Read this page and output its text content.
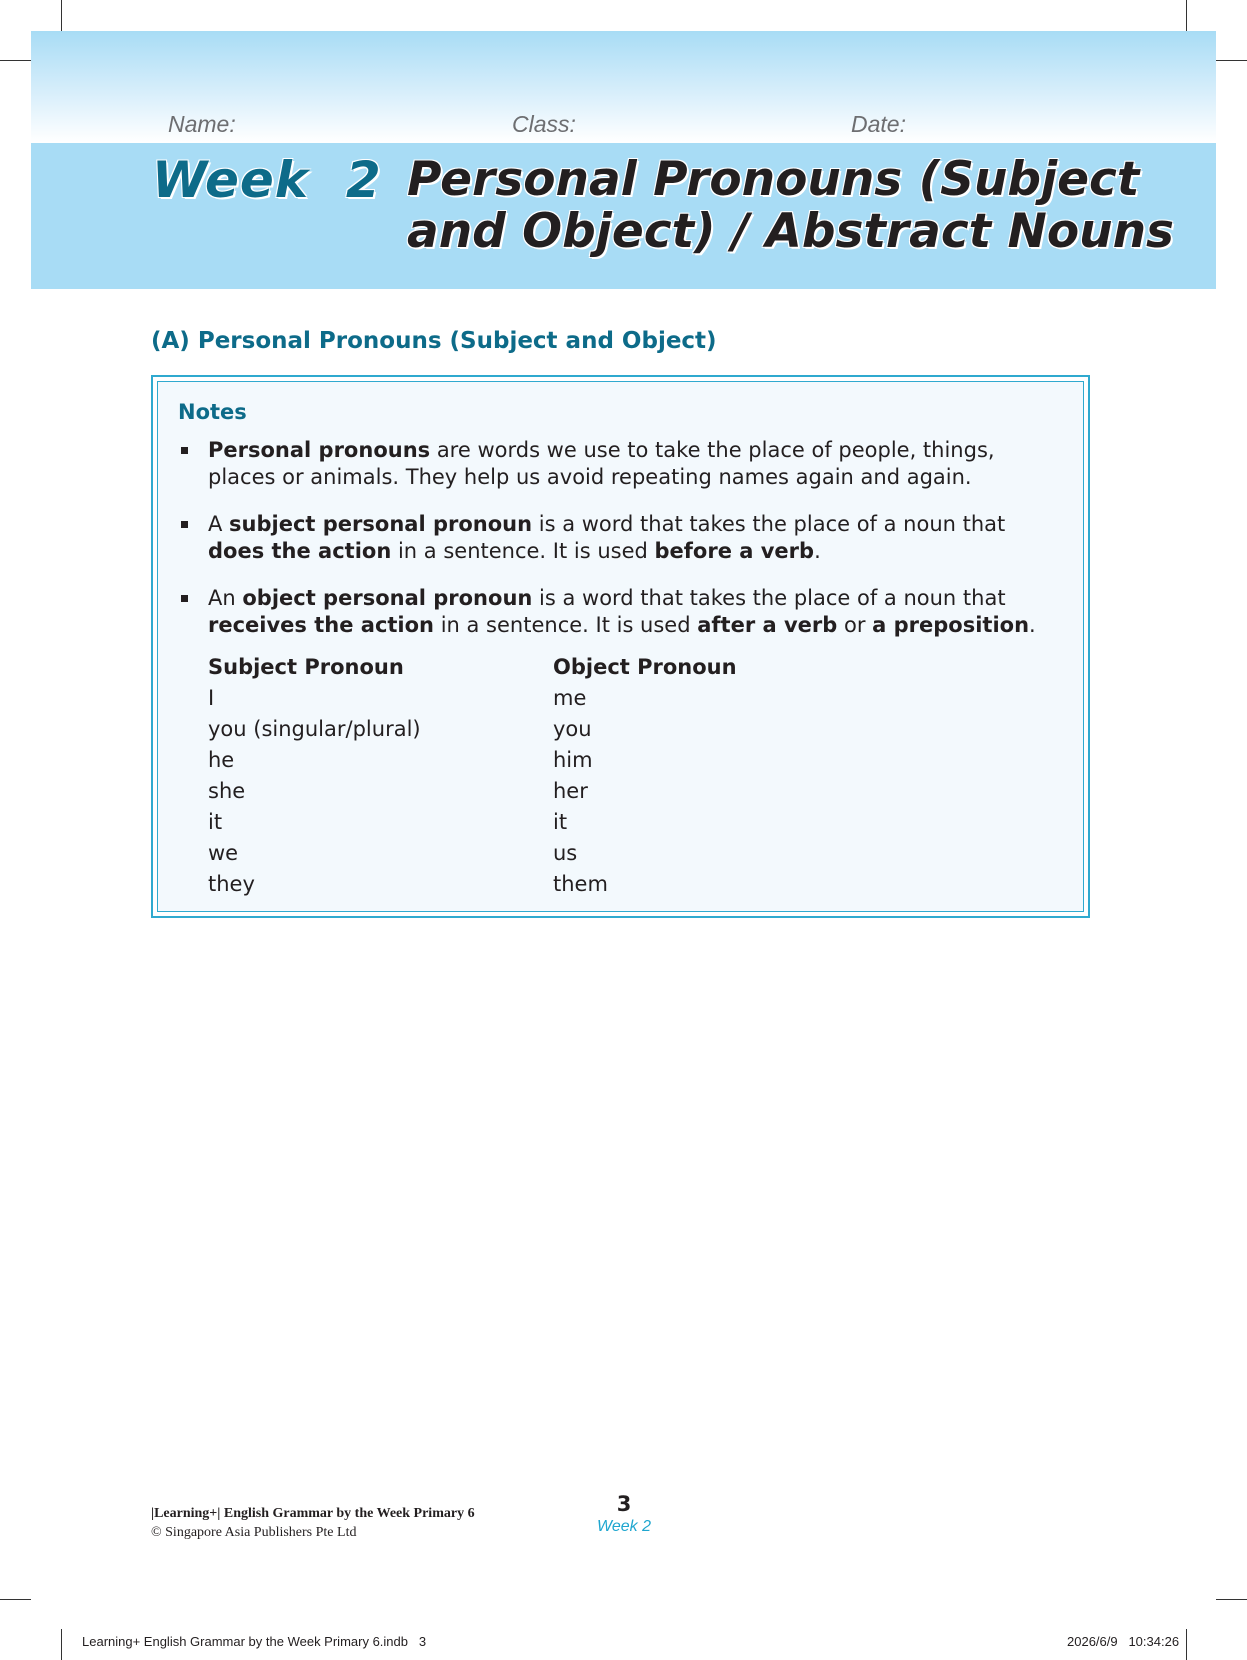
Name:	Class:	Date:
Week  2 Personal Pronouns (Subject
and Object) / Abstract Nouns
(A) Personal Pronouns (Subject and Object)
Notes
Personal pronouns are words we use to take the place of people, things, places or animals. They help us avoid repeating names again and again.
A subject personal pronoun is a word that takes the place of a noun that does the action in a sentence. It is used before a verb.
An object personal pronoun is a word that takes the place of a noun that receives the action in a sentence. It is used after a verb or a preposition.
Subject Pronoun	Object Pronoun
I	me
you (singular/plural)	you
he	him
she	her
it	it
we	us
they	them
|Learning+| English Grammar by the Week Primary 6
© Singapore Asia Publishers Pte Ltd
3
Week 2
Learning+ English Grammar by the Week Primary 6.indb   3	2026/6/9   10:34:26
